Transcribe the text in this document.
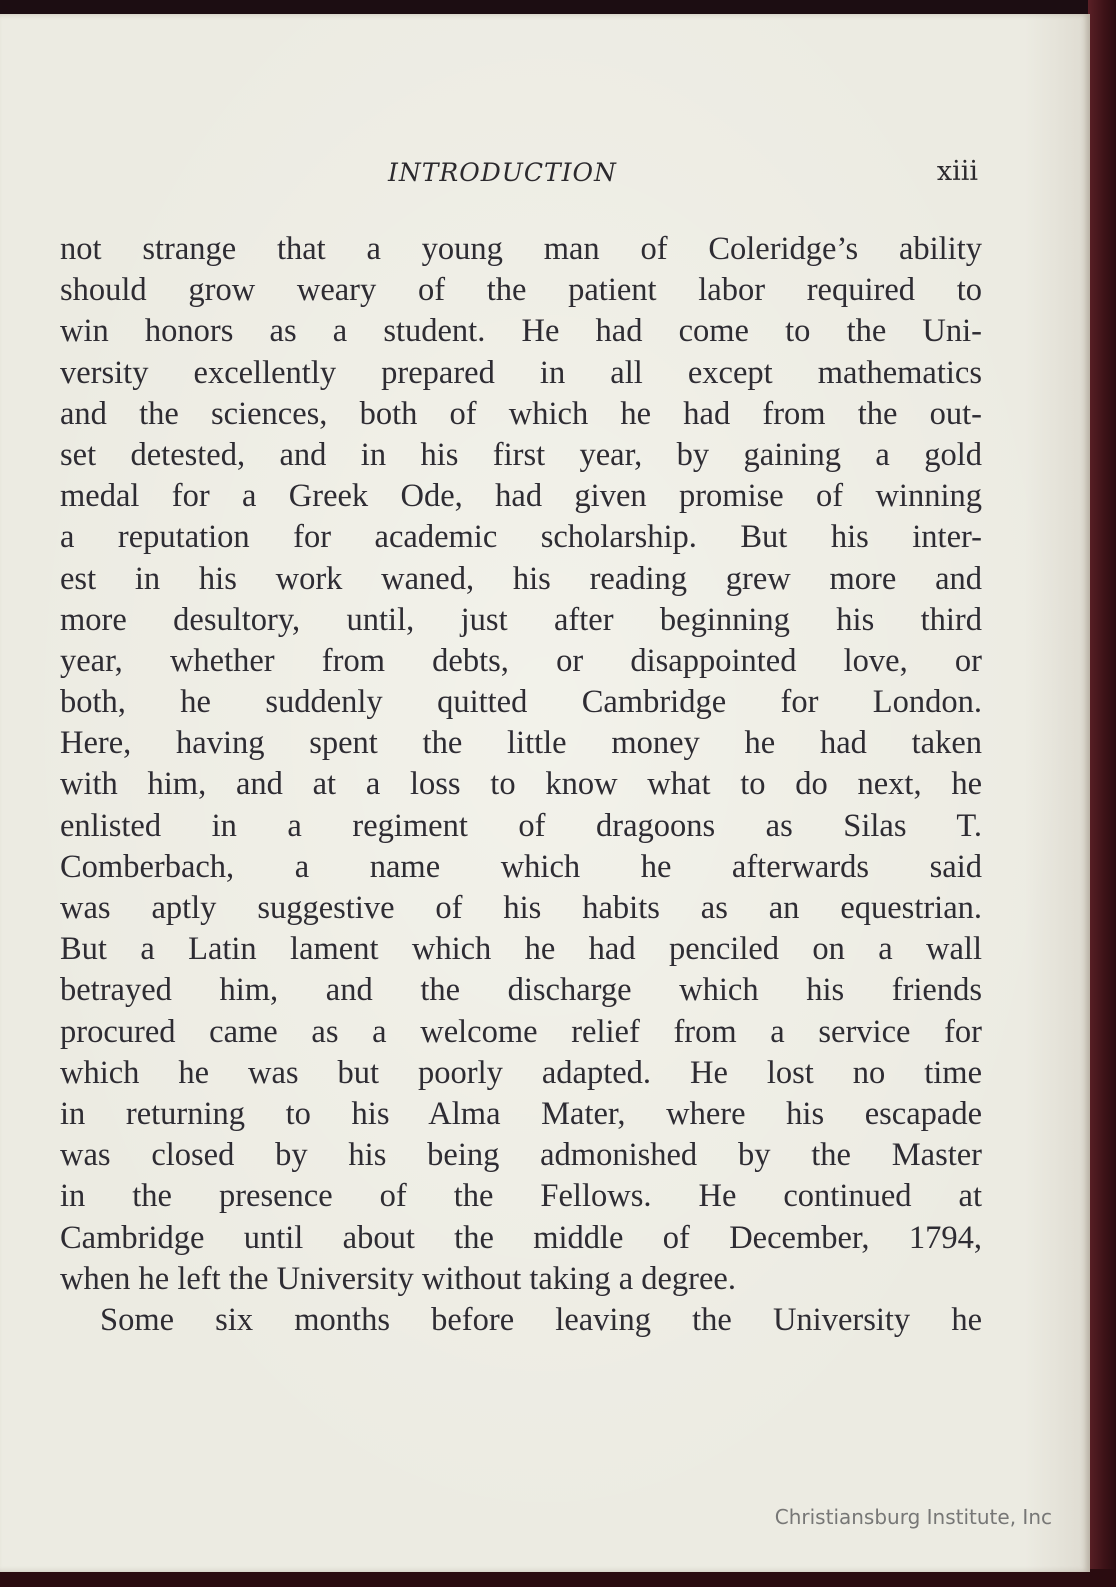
INTRODUCTION	xiii
not strange that a young man of Coleridge’s ability
should grow weary of the patient labor required to
win honors as a student. He had come to the Uni-
versity excellently prepared in all except mathematics
and the sciences, both of which he had from the out-
set detested, and in his first year, by gaining a gold
medal for a Greek Ode, had given promise of winning
a reputation for academic scholarship. But his inter-
est in his work waned, his reading grew more and
more desultory, until, just after beginning his third
year, whether from debts, or disappointed love, or
both, he suddenly quitted Cambridge for London.
Here, having spent the little money he had taken
with him, and at a loss to know what to do next, he
enlisted in a regiment of dragoons as Silas T.
Comberbach, a name which he afterwards said
was aptly suggestive of his habits as an equestrian.
But a Latin lament which he had penciled on a wall
betrayed him, and the discharge which his friends
procured came as a welcome relief from a service for
which he was but poorly adapted. He lost no time
in returning to his Alma Mater, where his escapade
was closed by his being admonished by the Master
in the presence of the Fellows. He continued at
Cambridge until about the middle of December, 1794,
when he left the University without taking a degree.
Some six months before leaving the University he
Christiansburg Institute, Inc
